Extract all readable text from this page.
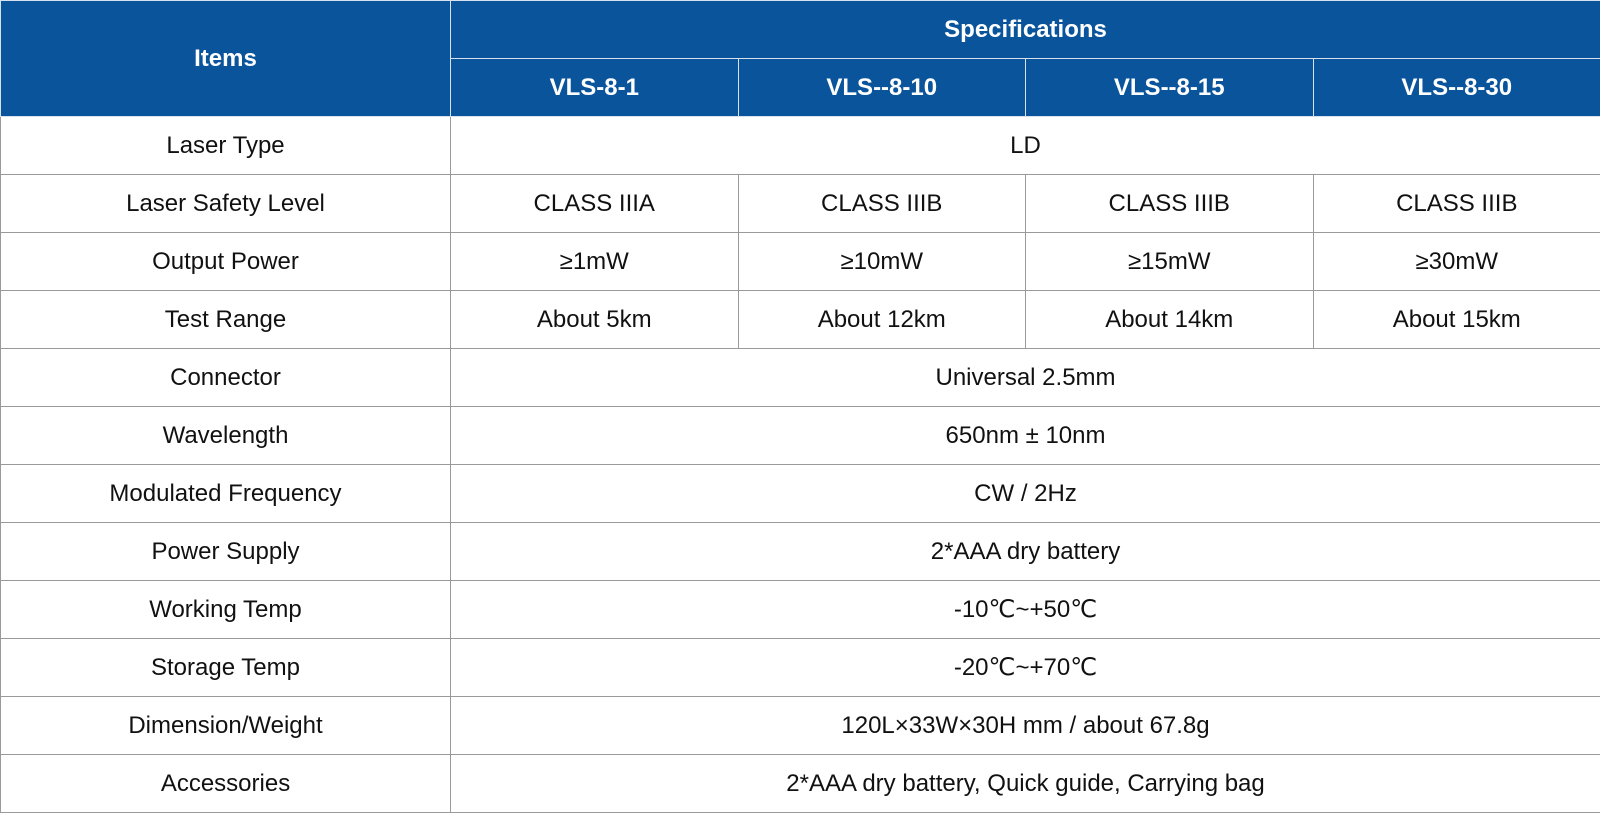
Items	Specifications			
	VLS-8-1	VLS--8-10	VLS--8-15	VLS--8-30
Laser Type	LD			
Laser Safety Level	CLASS IIIA	CLASS IIIB	CLASS IIIB	CLASS IIIB
Output Power	≥1mW	≥10mW	≥15mW	≥30mW
Test Range	About 5km	About 12km	About 14km	About 15km
Connector	Universal 2.5mm			
Wavelength	650nm ± 10nm			
Modulated Frequency	CW / 2Hz			
Power Supply	2*AAA dry battery			
Working Temp	-10℃~+50℃			
Storage Temp	-20℃~+70℃			
Dimension/Weight	120L×33W×30H mm / about 67.8g			
Accessories	2*AAA dry battery, Quick guide, Carrying bag			
